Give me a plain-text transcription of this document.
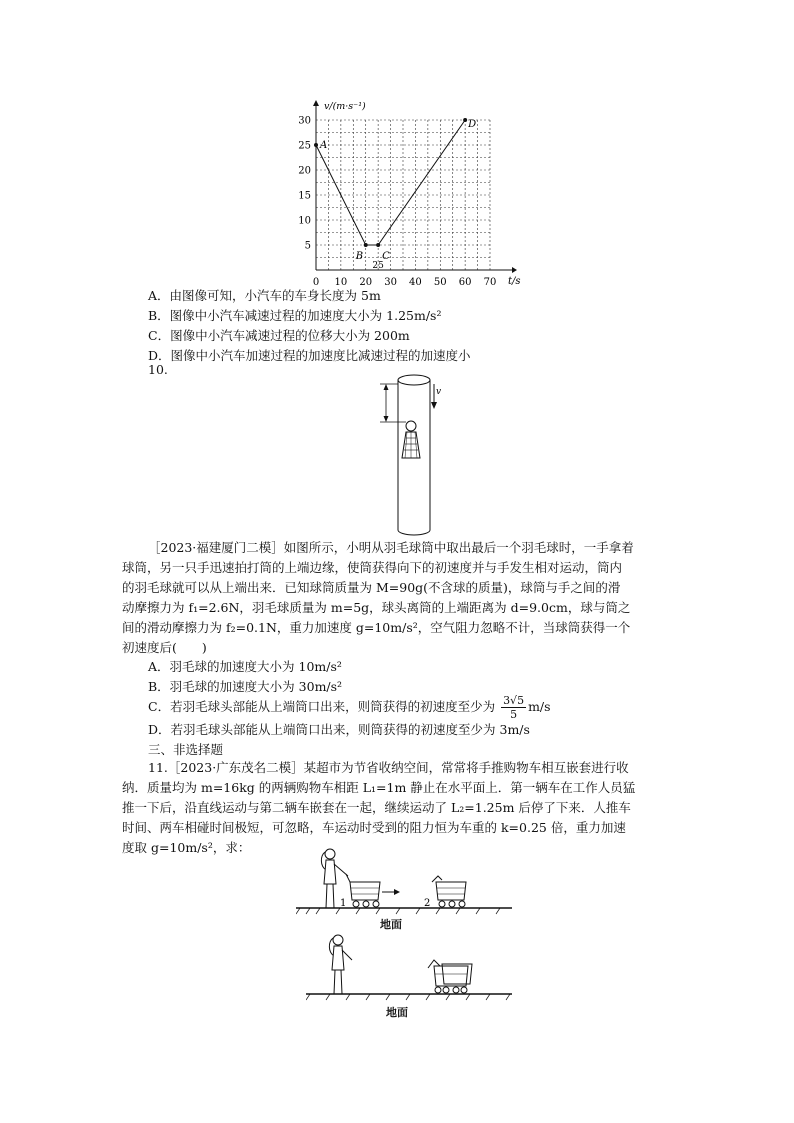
0 10 20 30 40 50 60 70
5
10
15
20
25
30
A
B C
D
25
v/(m·s⁻¹)
t/s
A．由图像可知，小汽车的车身长度为 5m
B．图像中小汽车减速过程的加速度大小为 1.25m/s²
C．图像中小汽车减速过程的位移大小为 200m
D．图像中小汽车加速过程的加速度比减速过程的加速度小
10.
v

［2023·福建厦门二模］如图所示，小明从羽毛球筒中取出最后一个羽毛球时，一手拿着

球筒，另一只手迅速拍打筒的上端边缘，使筒获得向下的初速度并与手发生相对运动，筒内

的羽毛球就可以从上端出来．已知球筒质量为 M=90g(不含球的质量)，球筒与手之间的滑

动摩擦力为 f₁=2.6N，羽毛球质量为 m=5g，球头离筒的上端距离为 d=9.0cm，球与筒之

间的滑动摩擦力为 f₂=0.1N，重力加速度 g=10m/s²，空气阻力忽略不计，当球筒获得一个

初速度后(　　)

A．羽毛球的加速度大小为 10m/s²
B．羽毛球的加速度大小为 30m/s²
C．若羽毛球头部能从上端筒口出来，则筒获得的初速度至少为 $\frac{3√5}{5} m/s$
D．若羽毛球头部能从上端筒口出来，则筒获得的初速度至少为 3m/s
三、非选择题

11.［2023·广东茂名二模］某超市为节省收纳空间，常常将手推购物车相互嵌套进行收

纳．质量均为 m=16kg 的两辆购物车相距 L₁=1m 静止在水平面上．第一辆车在工作人员猛

推一下后，沿直线运动与第二辆车嵌套在一起，继续运动了 L₂=1.25m 后停了下来．人推车

时间、两车相碰时间极短，可忽略，车运动时受到的阻力恒为车重的 k=0.25 倍，重力加速

度取 g=10m/s²，求：

1	2
地面
地面
